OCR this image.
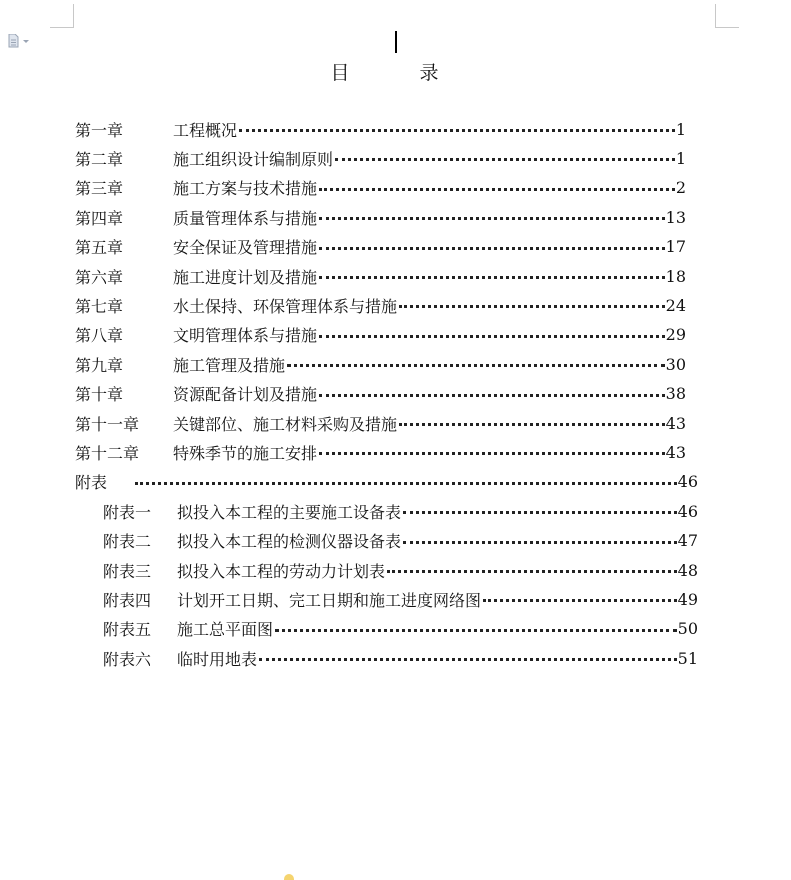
目 录
第一章	工程概况	1
第二章	施工组织设计编制原则	1
第三章	施工方案与技术措施	2
第四章	质量管理体系与措施	13
第五章	安全保证及管理措施	17
第六章	施工进度计划及措施	18
第七章	水土保持、环保管理体系与措施	24
第八章	文明管理体系与措施	29
第九章	施工管理及措施	30
第十章	资源配备计划及措施	38
第十一章	关键部位、施工材料采购及措施	43
第十二章	特殊季节的施工安排	43
附表	46
附表一	拟投入本工程的主要施工设备表	46
附表二	拟投入本工程的检测仪器设备表	47
附表三	拟投入本工程的劳动力计划表	48
附表四	计划开工日期、完工日期和施工进度网络图	49
附表五	施工总平面图	50
附表六	临时用地表	51
